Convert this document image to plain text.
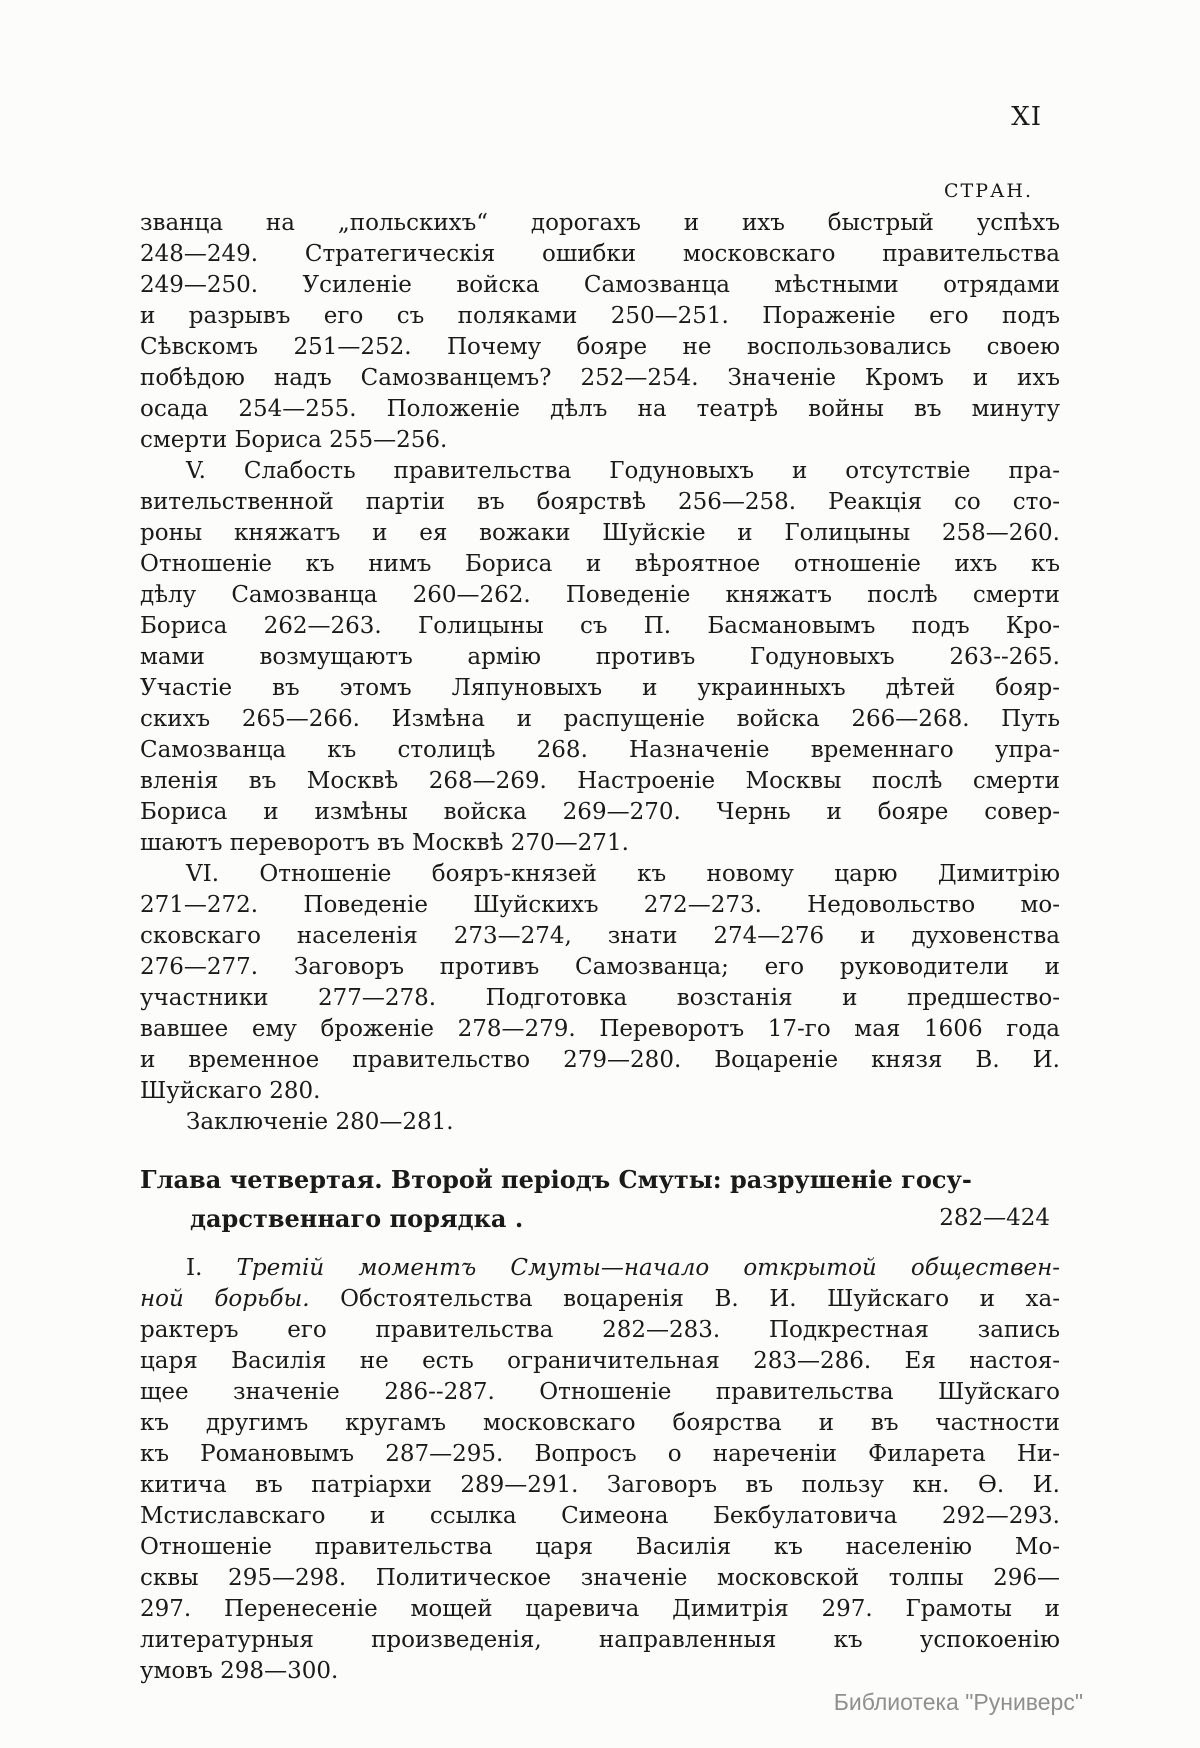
XI
СТРАН.
званца на „польскихъ“ дорогахъ и ихъ быстрый успѣхъ
248—249. Стратегическія ошибки московскаго правительства
249—250. Усиленіе войска Самозванца мѣстными отрядами
и разрывъ его съ поляками 250—251. Пораженіе его подъ
Сѣвскомъ 251—252. Почему бояре не воспользовались своею
побѣдою надъ Самозванцемъ? 252—254. Значеніе Кромъ и ихъ
осада 254—255. Положеніе дѣлъ на театрѣ войны въ минуту
смерти Бориса 255—256.
V. Слабость правительства Годуновыхъ и отсутствіе пра-
вительственной партіи въ боярствѣ 256—258. Реакція со сто-
роны княжатъ и ея вожаки Шуйскіе и Голицыны 258—260.
Отношеніе къ нимъ Бориса и вѣроятное отношеніе ихъ къ
дѣлу Самозванца 260—262. Поведеніе княжатъ послѣ смерти
Бориса 262—263. Голицыны съ П. Басмановымъ подъ Кро-
мами возмущаютъ армію противъ Годуновыхъ 263--265.
Участіе въ этомъ Ляпуновыхъ и украинныхъ дѣтей бояр-
скихъ 265—266. Измѣна и распущеніе войска 266—268. Путь
Самозванца къ столицѣ 268. Назначеніе временнаго упра-
вленія въ Москвѣ 268—269. Настроеніе Москвы послѣ смерти
Бориса и измѣны войска 269—270. Чернь и бояре совер-
шаютъ переворотъ въ Москвѣ 270—271.
VI. Отношеніе бояръ-князей къ новому царю Димитрію
271—272. Поведеніе Шуйскихъ 272—273. Недовольство мо-
сковскаго населенія 273—274, знати 274—276 и духовенства
276—277. Заговоръ противъ Самозванца; его руководители и
участники 277—278. Подготовка возстанія и предшество-
вавшее ему броженіе 278—279. Переворотъ 17-го мая 1606 года
и временное правительство 279—280. Воцареніе князя В. И.
Шуйскаго 280.
Заключеніе 280—281.
Глава четвертая. Второй періодъ Смуты: разрушеніе госу-
дарственнаго порядка .	282—424
I. Третій моментъ Смуты—начало открытой обществен-
ной борьбы. Обстоятельства воцаренія В. И. Шуйскаго и ха-
рактеръ его правительства 282—283. Подкрестная запись
царя Василія не есть ограничительная 283—286. Ея настоя-
щее значеніе 286--287. Отношеніе правительства Шуйскаго
къ другимъ кругамъ московскаго боярства и въ частности
къ Романовымъ 287—295. Вопросъ о нареченіи Филарета Ни-
китича въ патріархи 289—291. Заговоръ въ пользу кн. Ѳ. И.
Мстиславскаго и ссылка Симеона Бекбулатовича 292—293.
Отношеніе правительства царя Василія къ населенію Мо-
сквы 295—298. Политическое значеніе московской толпы 296—
297. Перенесеніе мощей царевича Димитрія 297. Грамоты и
литературныя произведенія, направленныя къ успокоенію
умовъ 298—300.
Библиотека "Руниверс"
